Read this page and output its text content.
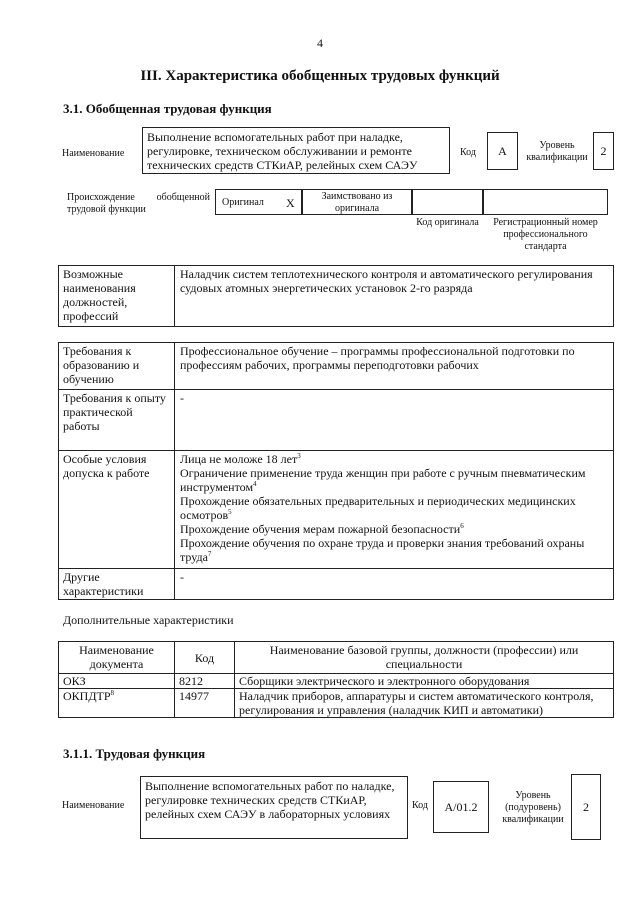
4
III. Характеристика обобщенных трудовых функций
3.1. Обобщенная трудовая функция
Наименование
Выполнение вспомогательных работ при наладке, регулировке, техническом обслуживании и ремонте технических средств СТКиАР, релейных схем САЭУ
Код	А	Уровень квалификации	2
Происхождение обобщенной трудовой функции
Оригинал Х	Заимствовано из оригинала
Код оригинала	Регистрационный номер профессионального стандарта
Возможные наименования должностей, профессий	Наладчик систем теплотехнического контроля и автоматического регулирования судовых атомных энергетических установок 2-го разряда
Требования к образованию и обучению	Профессиональное обучение – программы профессиональной подготовки по профессиям рабочих, программы переподготовки рабочих
Требования к опыту практической работы	-
Особые условия допуска к работе	Лица не моложе 18 лет$^3$
Ограничение применение труда женщин при работе с ручным пневматическим инструментом$^4$
Прохождение обязательных предварительных и периодических медицинских осмотров$^5$
Прохождение обучения мерам пожарной безопасности$^6$
Прохождение обучения по охране труда и проверки знания требований охраны труда$^7$

Другие характеристики	-
Дополнительные характеристики
Наименование документа	Код	Наименование базовой группы, должности (профессии) или специальности
ОКЗ	8212	Сборщики электрического и электронного оборудования
ОКПДТР$^8$	14977	Наладчик приборов, аппаратуры и систем автоматического контроля, регулирования и управления (наладчик КИП и автоматики)
3.1.1. Трудовая функция
Наименование
Выполнение вспомогательных работ по наладке, регулировке технических средств СТКиАР, релейных схем САЭУ в лабораторных условиях
Код	А/01.2
Уровень (подуровень) квалификации
2
